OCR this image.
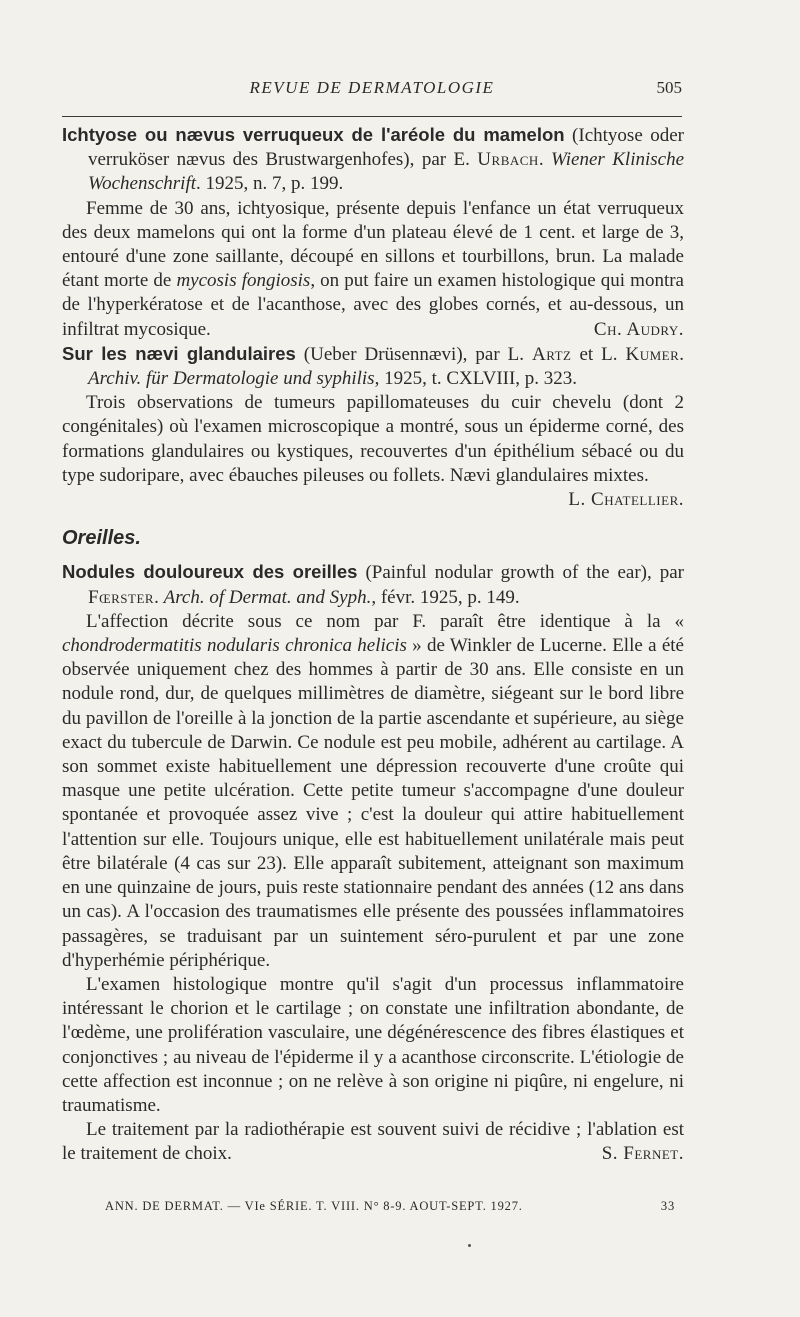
REVUE DE DERMATOLOGIE	505

Ichtyose ou nævus verruqueux de l'aréole du mamelon (Ichtyose oder verruköser nævus des Brustwargenhofes), par E. Urbach. Wiener Klinische Wochenschrift. 1925, n. 7, p. 199.

Femme de 30 ans, ichtyosique, présente depuis l'enfance un état verruqueux des deux mamelons qui ont la forme d'un plateau élevé de 1 cent. et large de 3, entouré d'une zone saillante, découpé en sillons et tourbillons, brun. La malade étant morte de mycosis fongiosis, on put faire un examen histologique qui montra de l'hyperkératose et de l'acanthose, avec des globes cornés, et au-dessous, un infiltrat mycosique.	Ch. Audry.

Sur les nævi glandulaires (Ueber Drüsennævi), par L. Artz et L. Kumer. Archiv. für Dermatologie und syphilis, 1925, t. CXLVIII, p. 323.

Trois observations de tumeurs papillomateuses du cuir chevelu (dont 2 congénitales) où l'examen microscopique a montré, sous un épiderme corné, des formations glandulaires ou kystiques, recouvertes d'un épithélium sébacé ou du type sudoripare, avec ébauches pileuses ou follets. Nævi glandulaires mixtes.
L. Chatellier.

Oreilles.

Nodules douloureux des oreilles (Painful nodular growth of the ear), par Fœrster. Arch. of Dermat. and Syph., févr. 1925, p. 149.

L'affection décrite sous ce nom par F. paraît être identique à la « chondrodermatitis nodularis chronica helicis » de Winkler de Lucerne. Elle a été observée uniquement chez des hommes à partir de 30 ans. Elle consiste en un nodule rond, dur, de quelques millimètres de diamètre, siégeant sur le bord libre du pavillon de l'oreille à la jonction de la partie ascendante et supérieure, au siège exact du tubercule de Darwin. Ce nodule est peu mobile, adhérent au cartilage. A son sommet existe habituellement une dépression recouverte d'une croûte qui masque une petite ulcération. Cette petite tumeur s'accompagne d'une douleur spontanée et provoquée assez vive ; c'est la douleur qui attire habituellement l'attention sur elle. Toujours unique, elle est habituellement unilatérale mais peut être bilatérale (4 cas sur 23). Elle apparaît subitement, atteignant son maximum en une quinzaine de jours, puis reste stationnaire pendant des années (12 ans dans un cas). A l'occasion des traumatismes elle présente des poussées inflammatoires passagères, se traduisant par un suintement séro-purulent et par une zone d'hyperhémie périphérique.

L'examen histologique montre qu'il s'agit d'un processus inflammatoire intéressant le chorion et le cartilage ; on constate une infiltration abondante, de l'œdème, une prolifération vasculaire, une dégénérescence des fibres élastiques et conjonctives ; au niveau de l'épiderme il y a acanthose circonscrite. L'étiologie de cette affection est inconnue ; on ne relève à son origine ni piqûre, ni engelure, ni traumatisme.

Le traitement par la radiothérapie est souvent suivi de récidive ; l'ablation est le traitement de choix.	S. Fernet.

ANN. DE DERMAT. — VIe SÉRIE. T. VIII. N° 8-9. AOUT-SEPT. 1927.	33
